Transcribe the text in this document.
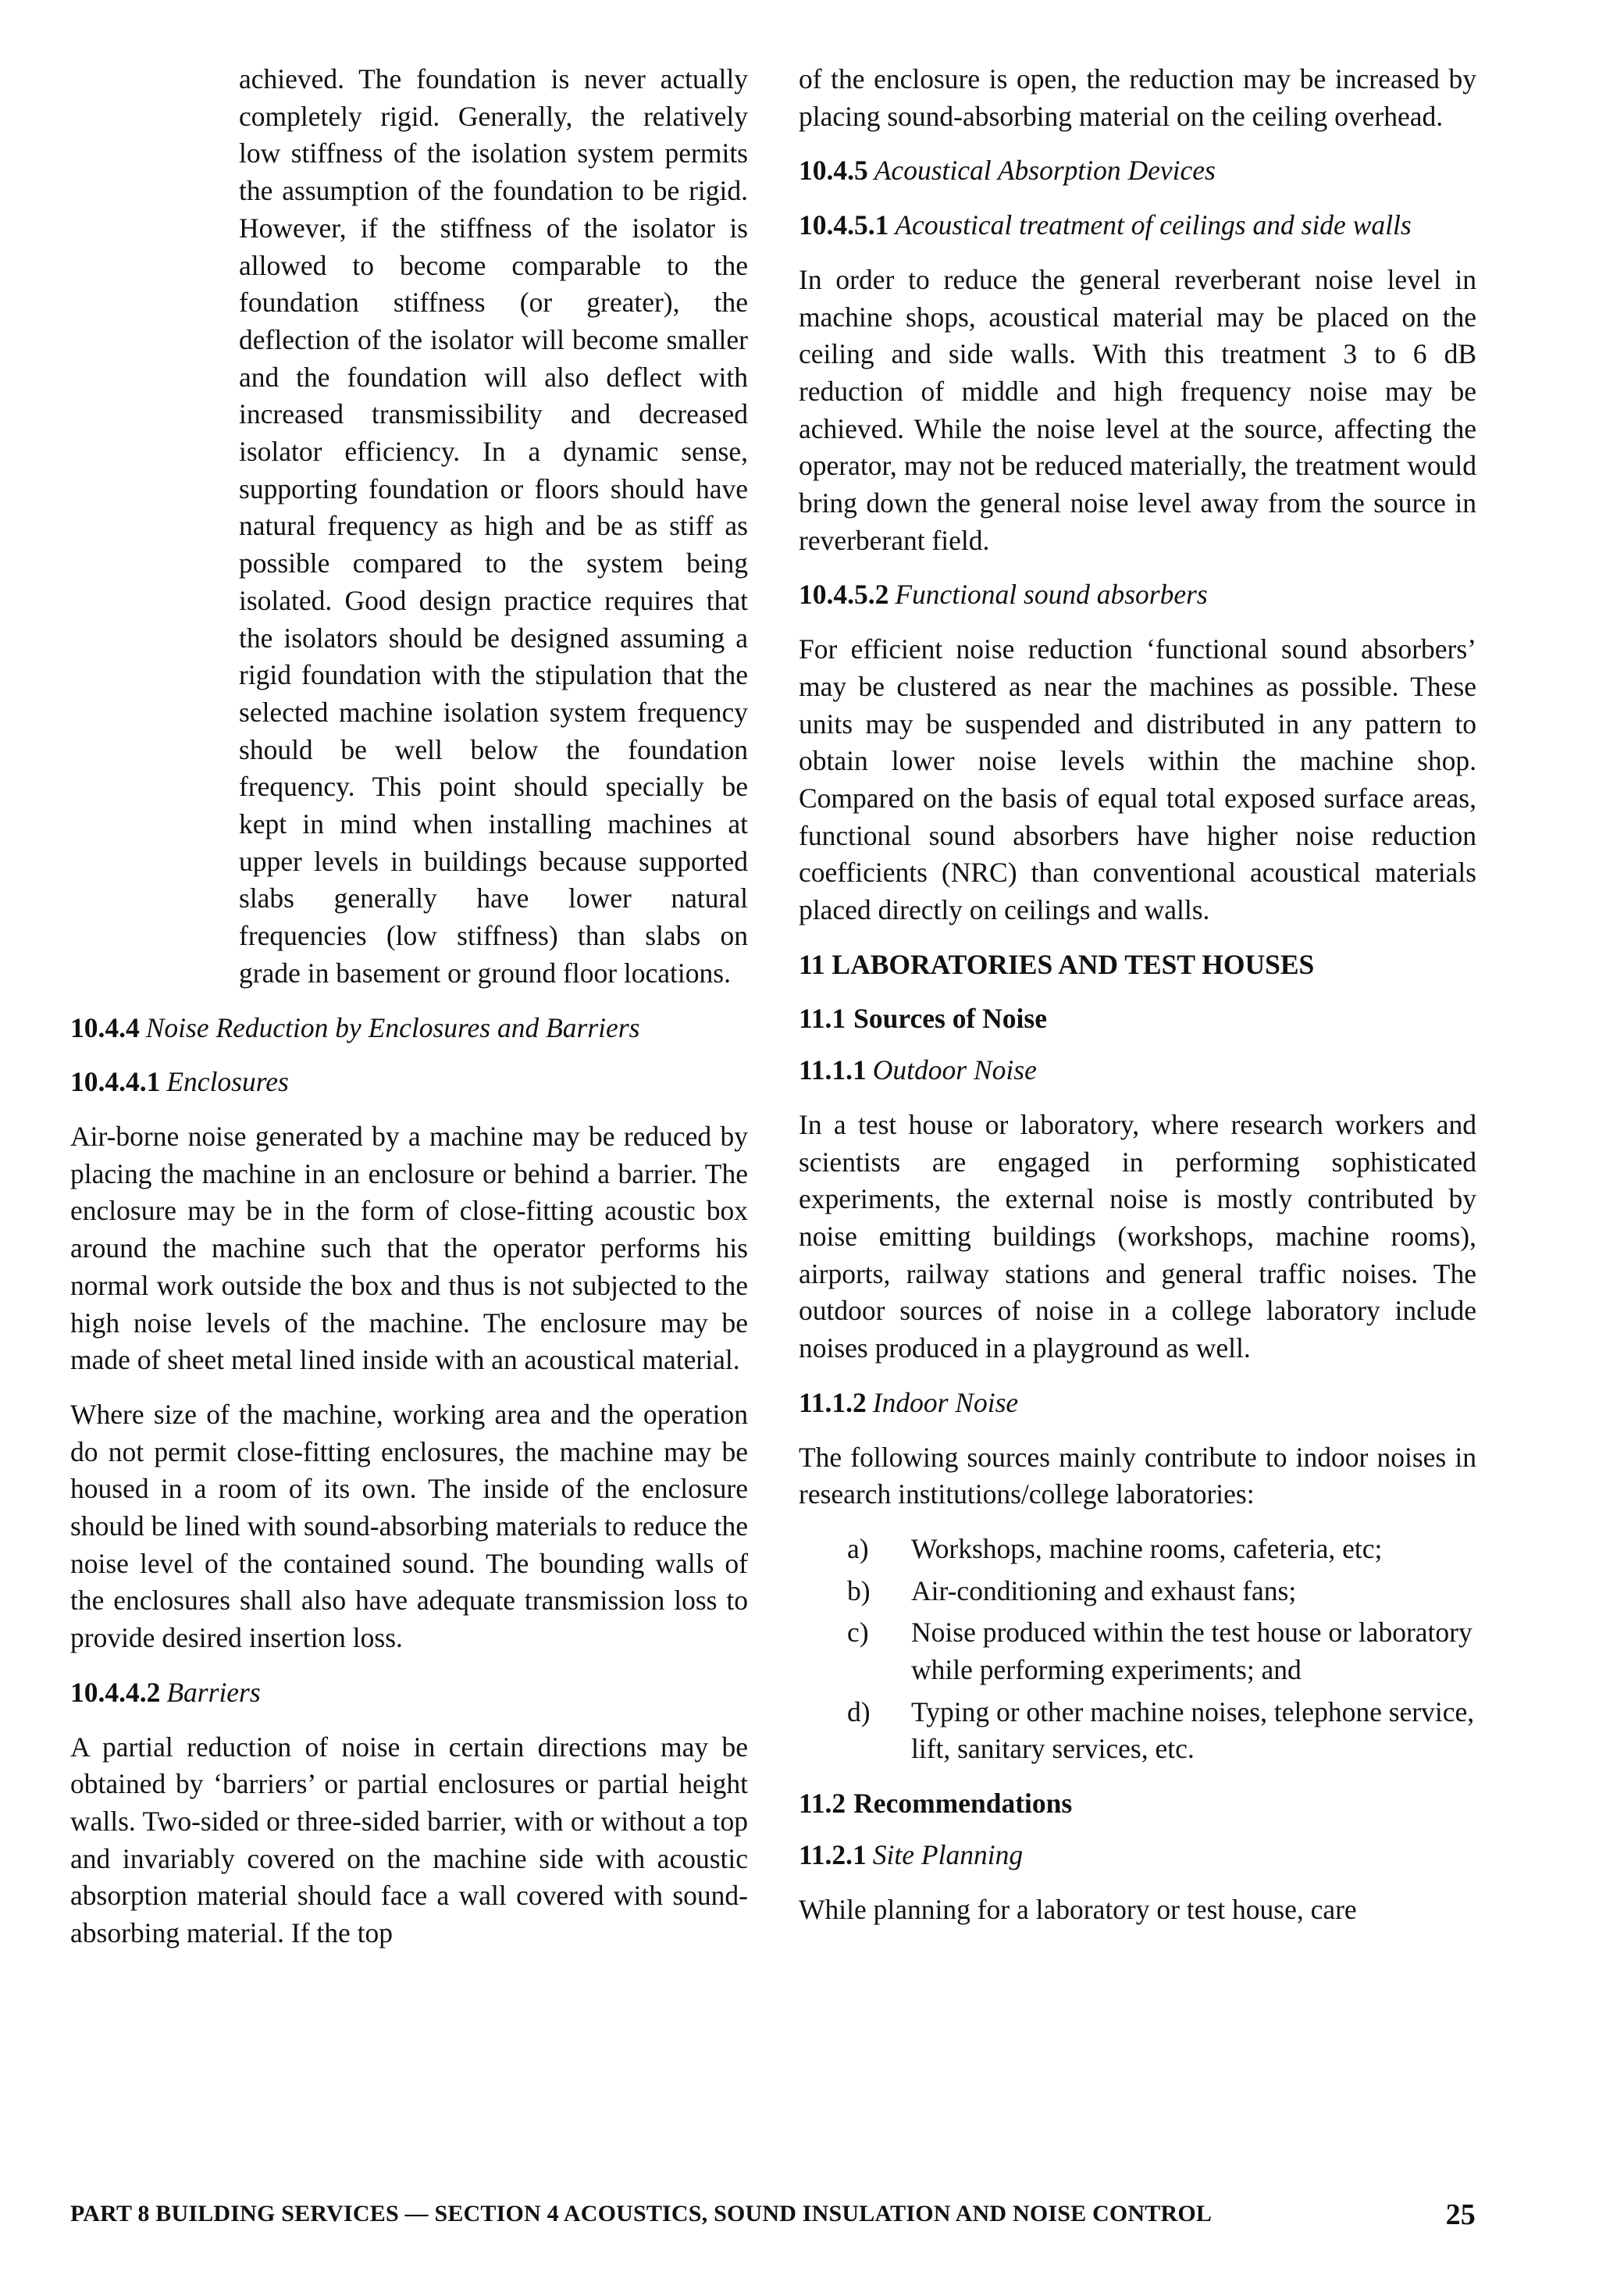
achieved. The foundation is never actually completely rigid. Generally, the relatively low stiffness of the isolation system permits the assumption of the foundation to be rigid. However, if the stiffness of the isolator is allowed to become comparable to the foundation stiffness (or greater), the deflection of the isolator will become smaller and the foundation will also deflect with increased transmissibility and decreased isolator efficiency. In a dynamic sense, supporting foundation or floors should have natural frequency as high and be as stiff as possible compared to the system being isolated. Good design practice requires that the isolators should be designed assuming a rigid foundation with the stipulation that the selected machine isolation system frequency should be well below the foundation frequency. This point should specially be kept in mind when installing machines at upper levels in buildings because supported slabs generally have lower natural frequencies (low stiffness) than slabs on grade in basement or ground floor locations.

10.4.4 Noise Reduction by Enclosures and Barriers
10.4.4.1 Enclosures

Air-borne noise generated by a machine may be reduced by placing the machine in an enclosure or behind a barrier. The enclosure may be in the form of close-fitting acoustic box around the machine such that the operator performs his normal work outside the box and thus is not subjected to the high noise levels of the machine. The enclosure may be made of sheet metal lined inside with an acoustical material.

Where size of the machine, working area and the operation do not permit close-fitting enclosures, the machine may be housed in a room of its own. The inside of the enclosure should be lined with sound-absorbing materials to reduce the noise level of the contained sound. The bounding walls of the enclosures shall also have adequate transmission loss to provide desired insertion loss.

10.4.4.2 Barriers

A partial reduction of noise in certain directions may be obtained by ‘barriers’ or partial enclosures or partial height walls. Two-sided or three-sided barrier, with or without a top and invariably covered on the machine side with acoustic absorption material should face a wall covered with sound-absorbing material. If the top

of the enclosure is open, the reduction may be increased by placing sound-absorbing material on the ceiling overhead.

10.4.5 Acoustical Absorption Devices
10.4.5.1 Acoustical treatment of ceilings and side walls

In order to reduce the general reverberant noise level in machine shops, acoustical material may be placed on the ceiling and side walls. With this treatment 3 to 6 dB reduction of middle and high frequency noise may be achieved. While the noise level at the source, affecting the operator, may not be reduced materially, the treatment would bring down the general noise level away from the source in reverberant field.

10.4.5.2 Functional sound absorbers

For efficient noise reduction ‘functional sound absorbers’ may be clustered as near the machines as possible. These units may be suspended and distributed in any pattern to obtain lower noise levels within the machine shop. Compared on the basis of equal total exposed surface areas, functional sound absorbers have higher noise reduction coefficients (NRC) than conventional acoustical materials placed directly on ceilings and walls.

11 LABORATORIES AND TEST HOUSES
11.1 Sources of Noise
11.1.1 Outdoor Noise

In a test house or laboratory, where research workers and scientists are engaged in performing sophisticated experiments, the external noise is mostly contributed by noise emitting buildings (workshops, machine rooms), airports, railway stations and general traffic noises. The outdoor sources of noise in a college laboratory include noises produced in a playground as well.

11.1.2 Indoor Noise

The following sources mainly contribute to indoor noises in research institutions/college laboratories:

a) Workshops, machine rooms, cafeteria, etc;
b) Air-conditioning and exhaust fans;
c) Noise produced within the test house or laboratory while performing experiments; and
d) Typing or other machine noises, telephone service, lift, sanitary services, etc.
11.2 Recommendations
11.2.1 Site Planning

While planning for a laboratory or test house, care

PART 8 BUILDING SERVICES — SECTION 4 ACOUSTICS, SOUND INSULATION AND NOISE CONTROL	25
